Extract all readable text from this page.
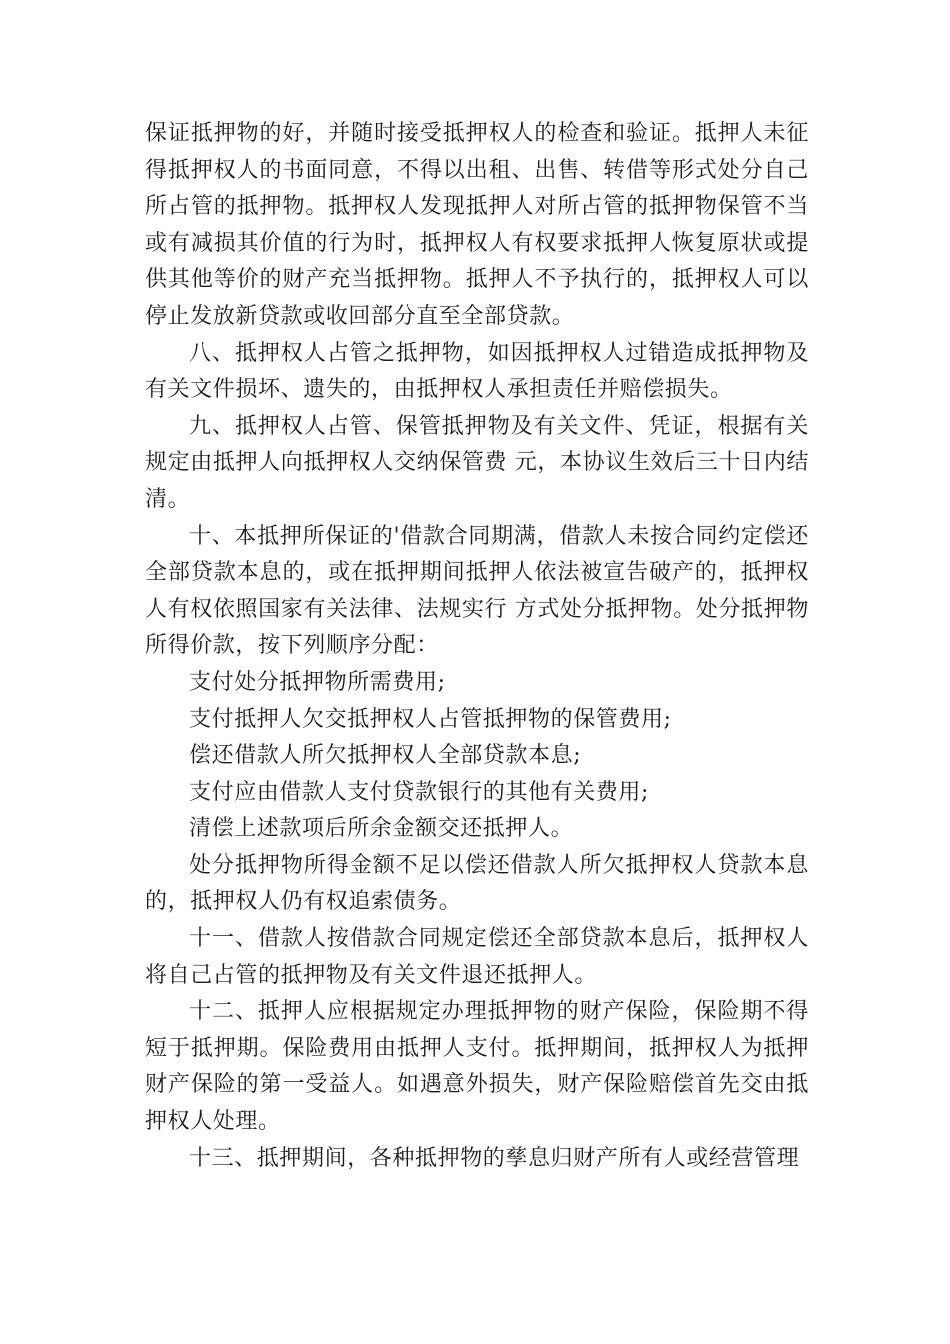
保证抵押物的好，并随时接受抵押权人的检查和验证。抵押人未征得抵押权人的书面同意，不得以出租、出售、转借等形式处分自己所占管的抵押物。抵押权人发现抵押人对所占管的抵押物保管不当或有减损其价值的行为时，抵押权人有权要求抵押人恢复原状或提供其他等价的财产充当抵押物。抵押人不予执行的，抵押权人可以停止发放新贷款或收回部分直至全部贷款。

八、抵押权人占管之抵押物，如因抵押权人过错造成抵押物及有关文件损坏、遗失的，由抵押权人承担责任并赔偿损失。

九、抵押权人占管、保管抵押物及有关文件、凭证，根据有关规定由抵押人向抵押权人交纳保管费 元，本协议生效后三十日内结清。

十、本抵押所保证的'借款合同期满，借款人未按合同约定偿还全部贷款本息的，或在抵押期间抵押人依法被宣告破产的，抵押权人有权依照国家有关法律、法规实行 方式处分抵押物。处分抵押物所得价款，按下列顺序分配：

支付处分抵押物所需费用;

支付抵押人欠交抵押权人占管抵押物的保管费用;

偿还借款人所欠抵押权人全部贷款本息;

支付应由借款人支付贷款银行的其他有关费用;

清偿上述款项后所余金额交还抵押人。

处分抵押物所得金额不足以偿还借款人所欠抵押权人贷款本息的，抵押权人仍有权追索债务。

十一、借款人按借款合同规定偿还全部贷款本息后，抵押权人将自己占管的抵押物及有关文件退还抵押人。

十二、抵押人应根据规定办理抵押物的财产保险，保险期不得短于抵押期。保险费用由抵押人支付。抵押期间，抵押权人为抵押财产保险的第一受益人。如遇意外损失，财产保险赔偿首先交由抵押权人处理。

十三、抵押期间，各种抵押物的孳息归财产所有人或经营管理
